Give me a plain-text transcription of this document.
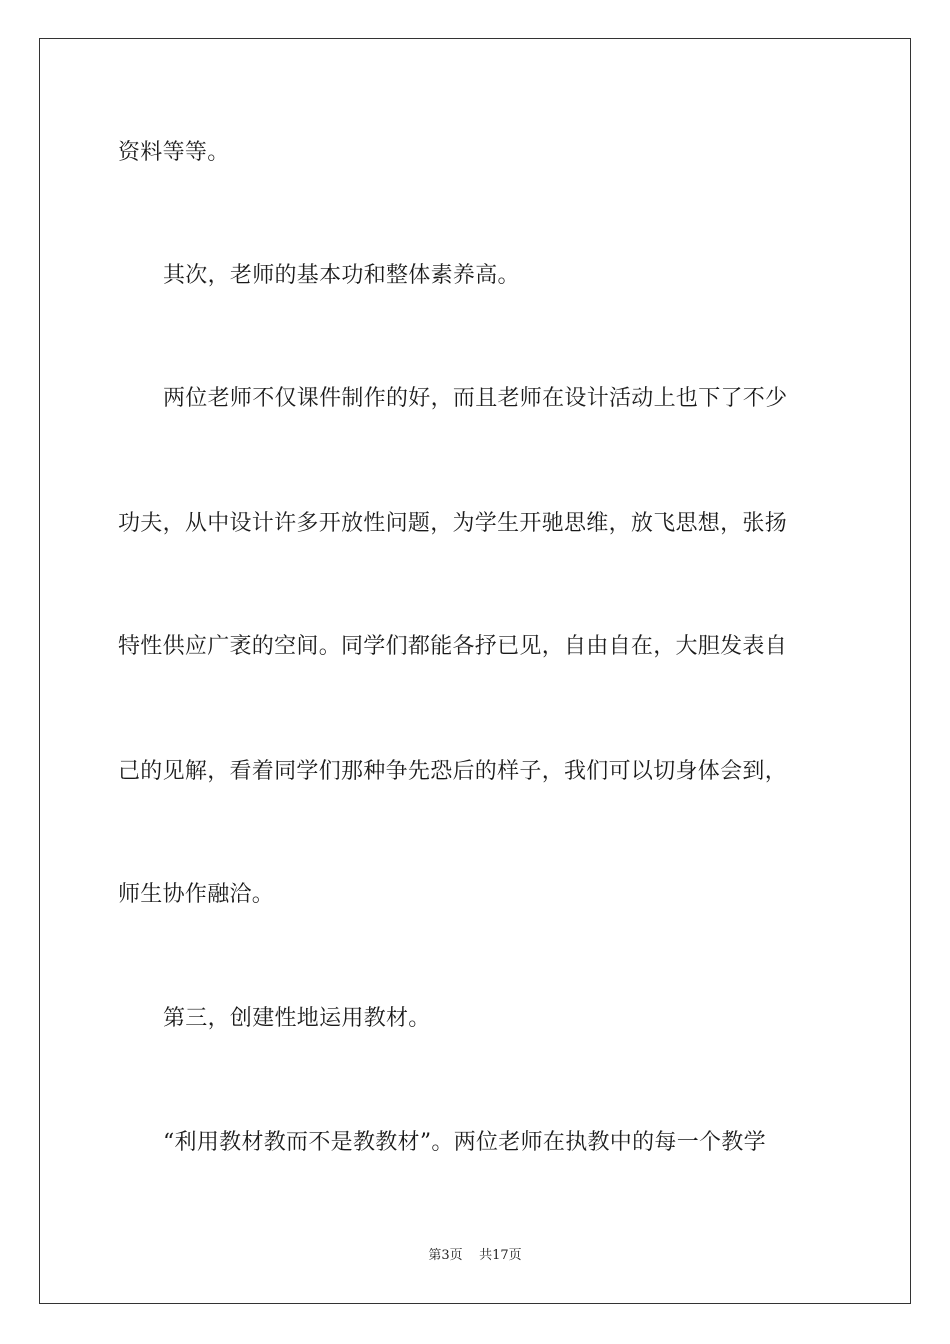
资料等等。
其次，老师的基本功和整体素养高。
两位老师不仅课件制作的好，而且老师在设计活动上也下了不少
功夫，从中设计许多开放性问题，为学生开驰思维，放飞思想，张扬
特性供应广袤的空间。同学们都能各抒已见，自由自在，大胆发表自
己的见解，看着同学们那种争先恐后的样子，我们可以切身体会到，
师生协作融洽。
第三，创建性地运用教材。
“利用教材教而不是教教材”。两位老师在执教中的每一个教学
第3页 共17页
